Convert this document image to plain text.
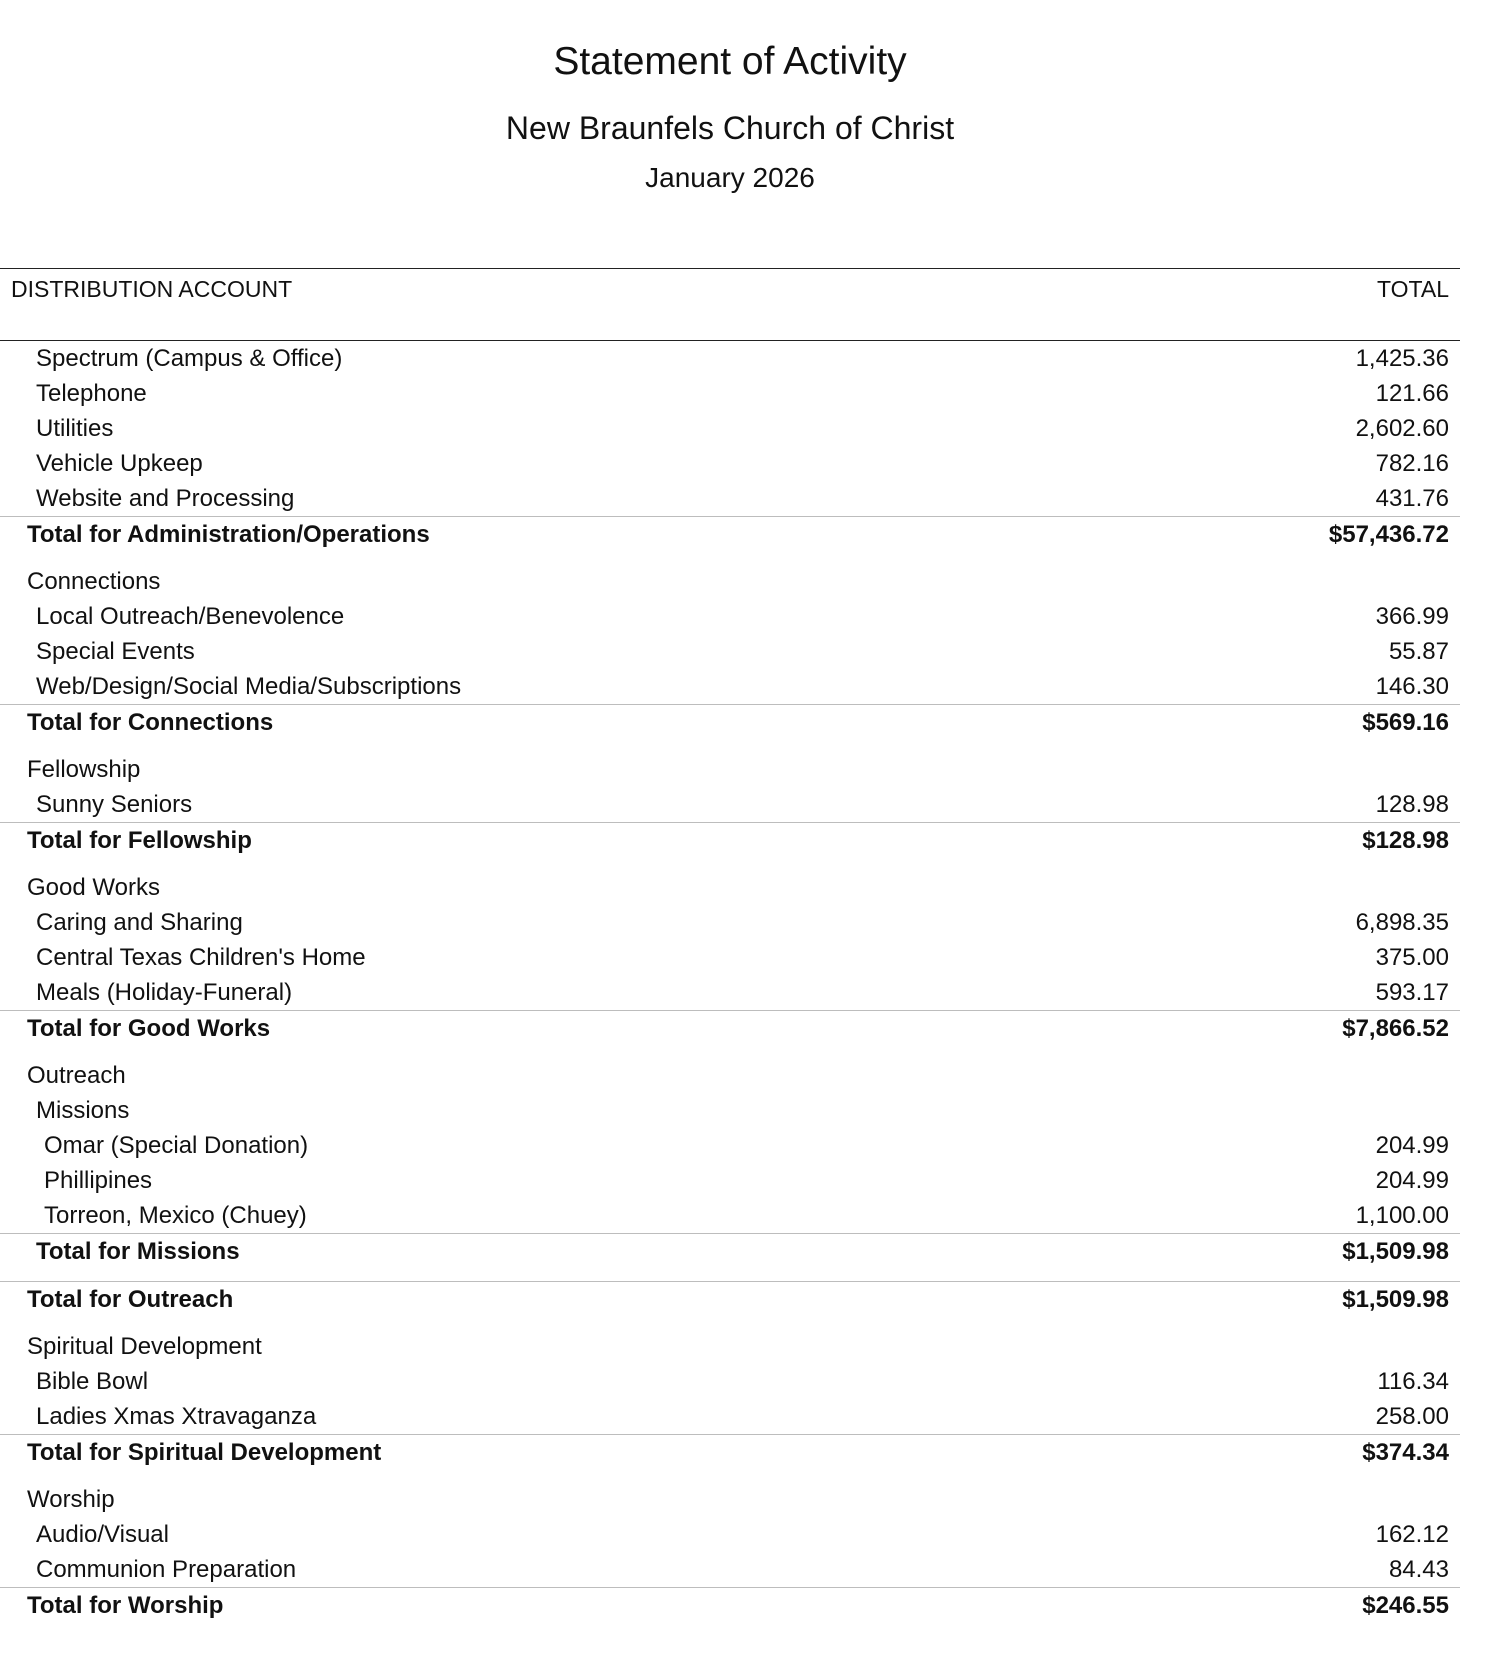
Statement of Activity
New Braunfels Church of Christ
January 2026
DISTRIBUTION ACCOUNT	TOTAL
Spectrum (Campus & Office)	1,425.36
Telephone	121.66
Utilities	2,602.60
Vehicle Upkeep	782.16
Website and Processing	431.76
Total for Administration/Operations	$57,436.72
Connections
Local Outreach/Benevolence	366.99
Special Events	55.87
Web/Design/Social Media/Subscriptions	146.30
Total for Connections	$569.16
Fellowship
Sunny Seniors	128.98
Total for Fellowship	$128.98
Good Works
Caring and Sharing	6,898.35
Central Texas Children's Home	375.00
Meals (Holiday-Funeral)	593.17
Total for Good Works	$7,866.52
Outreach
Missions
Omar (Special Donation)	204.99
Phillipines	204.99
Torreon, Mexico (Chuey)	1,100.00
Total for Missions	$1,509.98
Total for Outreach	$1,509.98
Spiritual Development
Bible Bowl	116.34
Ladies Xmas Xtravaganza	258.00
Total for Spiritual Development	$374.34
Worship
Audio/Visual	162.12
Communion Preparation	84.43
Total for Worship	$246.55
